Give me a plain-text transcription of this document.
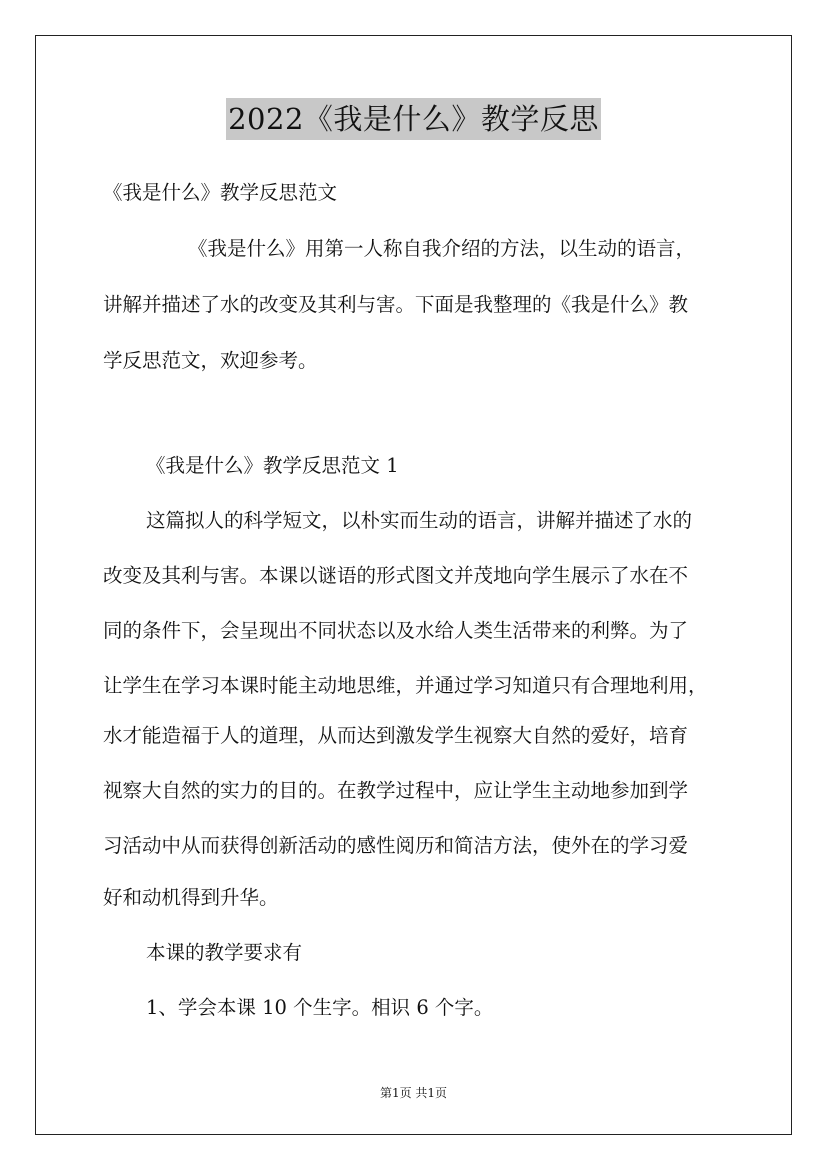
2022《我是什么》教学反思
《我是什么》教学反思范文
《我是什么》用第一人称自我介绍的方法，以生动的语言，
讲解并描述了水的改变及其利与害。下面是我整理的《我是什么》教
学反思范文，欢迎参考。
《我是什么》教学反思范文 1
这篇拟人的科学短文，以朴实而生动的语言，讲解并描述了水的
改变及其利与害。本课以谜语的形式图文并茂地向学生展示了水在不
同的条件下，会呈现出不同状态以及水给人类生活带来的利弊。为了
让学生在学习本课时能主动地思维，并通过学习知道只有合理地利用，
水才能造福于人的道理，从而达到激发学生视察大自然的爱好，培育
视察大自然的实力的目的。在教学过程中，应让学生主动地参加到学
习活动中从而获得创新活动的感性阅历和简洁方法，使外在的学习爱
好和动机得到升华。
本课的教学要求有
1、学会本课 10 个生字。相识 6 个字。
第1页 共1页
